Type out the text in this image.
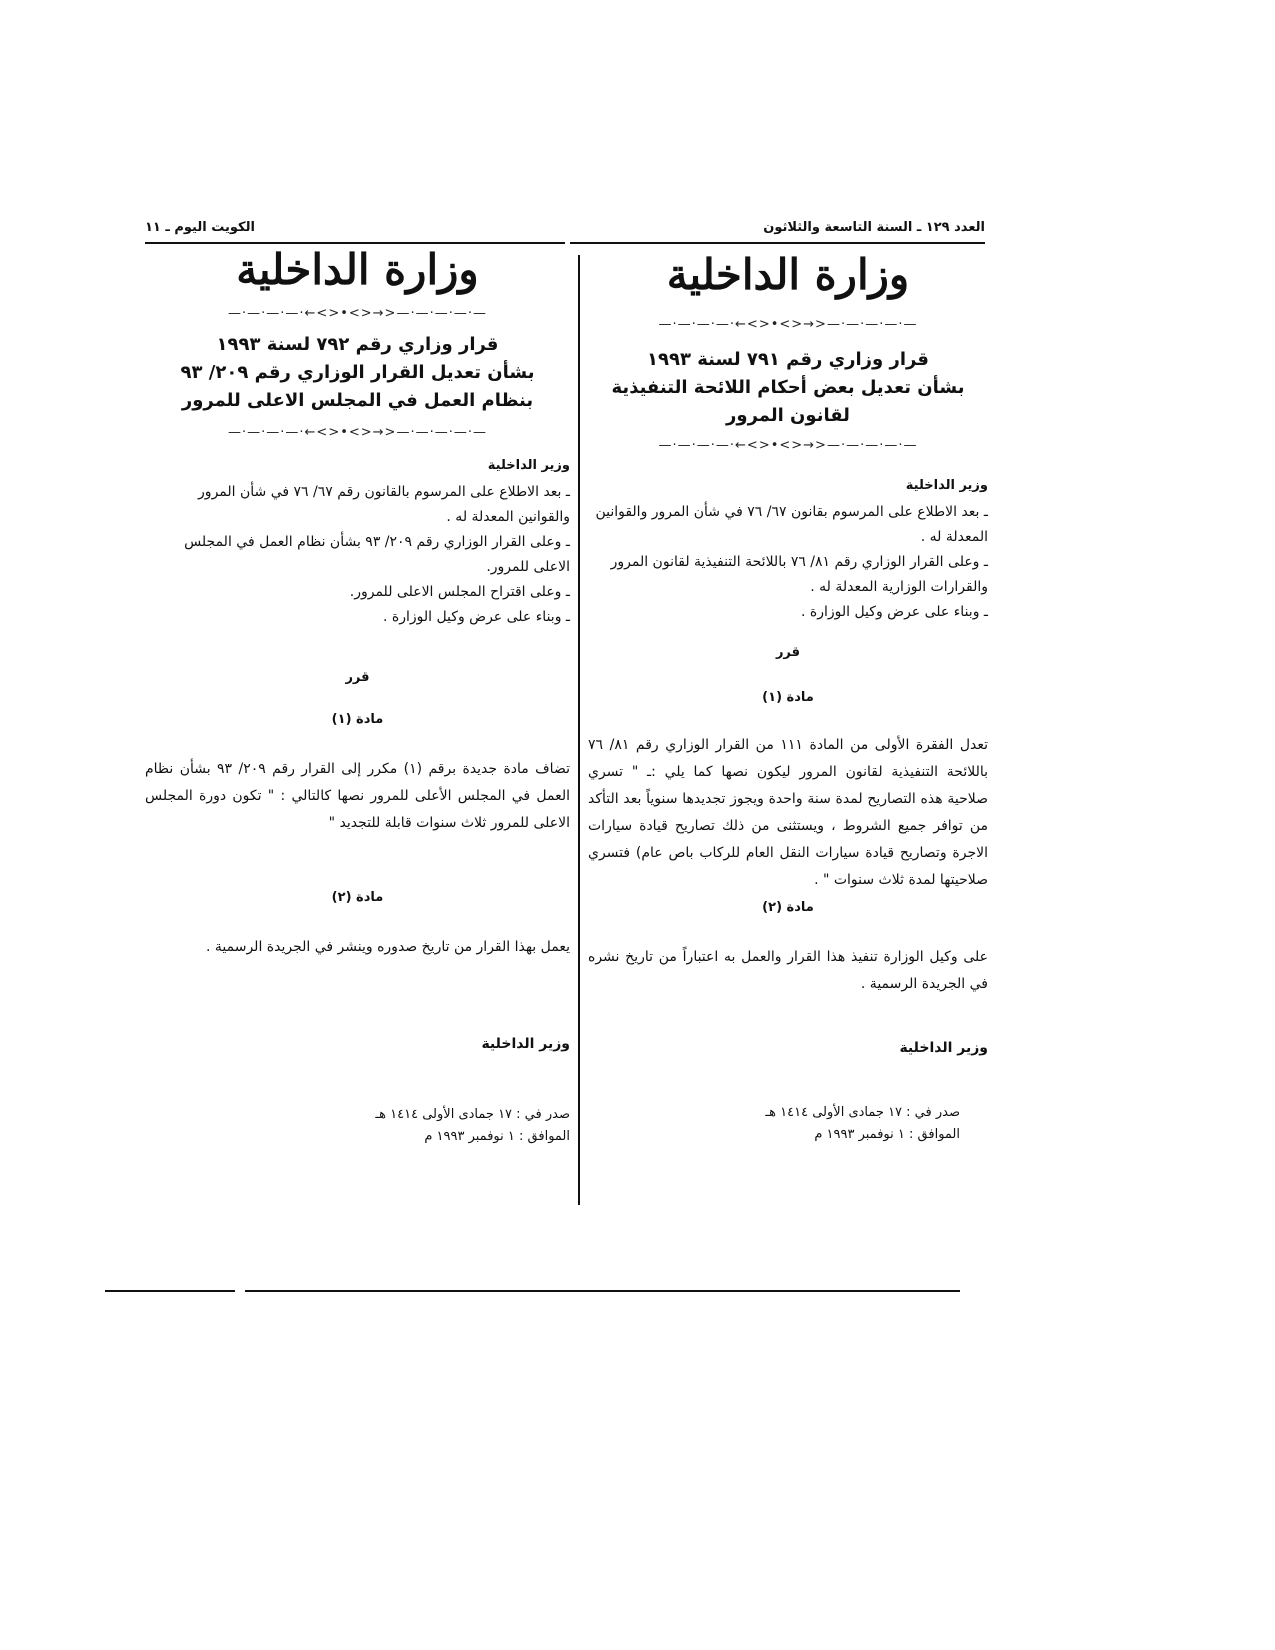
العدد ١٢٩ ـ السنة التاسعة والثلاثون
الكويت اليوم ـ ١١
وزارة الداخلية
—·—·—·—·—<→<>•<>←·—·—·—·—
قرار وزاري رقم ٧٩١ لسنة ١٩٩٣
بشأن تعديل بعض أحكام اللائحة التنفيذية
لقانون المرور
—·—·—·—·—<→<>•<>←·—·—·—·—
وزير الداخلية
ـ بعد الاطلاع على المرسوم بقانون ٦٧/ ٧٦ في شأن المرور والقوانين المعدلة له .
ـ وعلى القرار الوزاري رقم ٨١/ ٧٦ باللائحة التنفيذية لقانون المرور والقرارات الوزارية المعدلة له .
ـ وبناء على عرض وكيل الوزارة .
قرر
مادة (١)
تعدل الفقرة الأولى من المادة ١١١ من القرار الوزاري رقم ٨١/ ٧٦ باللائحة التنفيذية لقانون المرور ليكون نصها كما يلي :ـ " تسري صلاحية هذه التصاريح لمدة سنة واحدة ويجوز تجديدها سنوياً بعد التأكد من توافر جميع الشروط ، ويستثنى من ذلك تصاريح قيادة سيارات الاجرة وتصاريح قيادة سيارات النقل العام للركاب باص عام) فتسري صلاحيتها لمدة ثلاث سنوات " .
مادة (٢)
على وكيل الوزارة تنفيذ هذا القرار والعمل به اعتباراً من تاريخ نشره في الجريدة الرسمية .
وزير الداخلية
صدر في : ١٧ جمادى الأولى ١٤١٤ هـ
الموافق : ١ نوفمبر ١٩٩٣ م
وزارة الداخلية
—·—·—·—·—<→<>•<>←·—·—·—·—
قرار وزاري رقم ٧٩٢ لسنة ١٩٩٣
بشأن تعديل القرار الوزاري رقم ٢٠٩/ ٩٣
بنظام العمل في المجلس الاعلى للمرور
—·—·—·—·—<→<>•<>←·—·—·—·—
وزير الداخلية
ـ بعد الاطلاع على المرسوم بالقانون رقم ٦٧/ ٧٦ في شأن المرور والقوانين المعدلة له .
ـ وعلى القرار الوزاري رقم ٢٠٩/ ٩٣ بشأن نظام العمل في المجلس الاعلى للمرور.
ـ وعلى اقتراح المجلس الاعلى للمرور.
ـ وبناء على عرض وكيل الوزارة .
قرر
مادة (١)
تضاف مادة جديدة برقم (١) مكرر إلى القرار رقم ٢٠٩/ ٩٣ بشأن نظام العمل في المجلس الأعلى للمرور نصها كالتالي : " تكون دورة المجلس الاعلى للمرور ثلاث سنوات قابلة للتجديد "
مادة (٢)
يعمل بهذا القرار من تاريخ صدوره وينشر في الجريدة الرسمية .
وزير الداخلية
صدر في : ١٧ جمادى الأولى ١٤١٤ هـ
الموافق : ١ نوفمبر ١٩٩٣ م
